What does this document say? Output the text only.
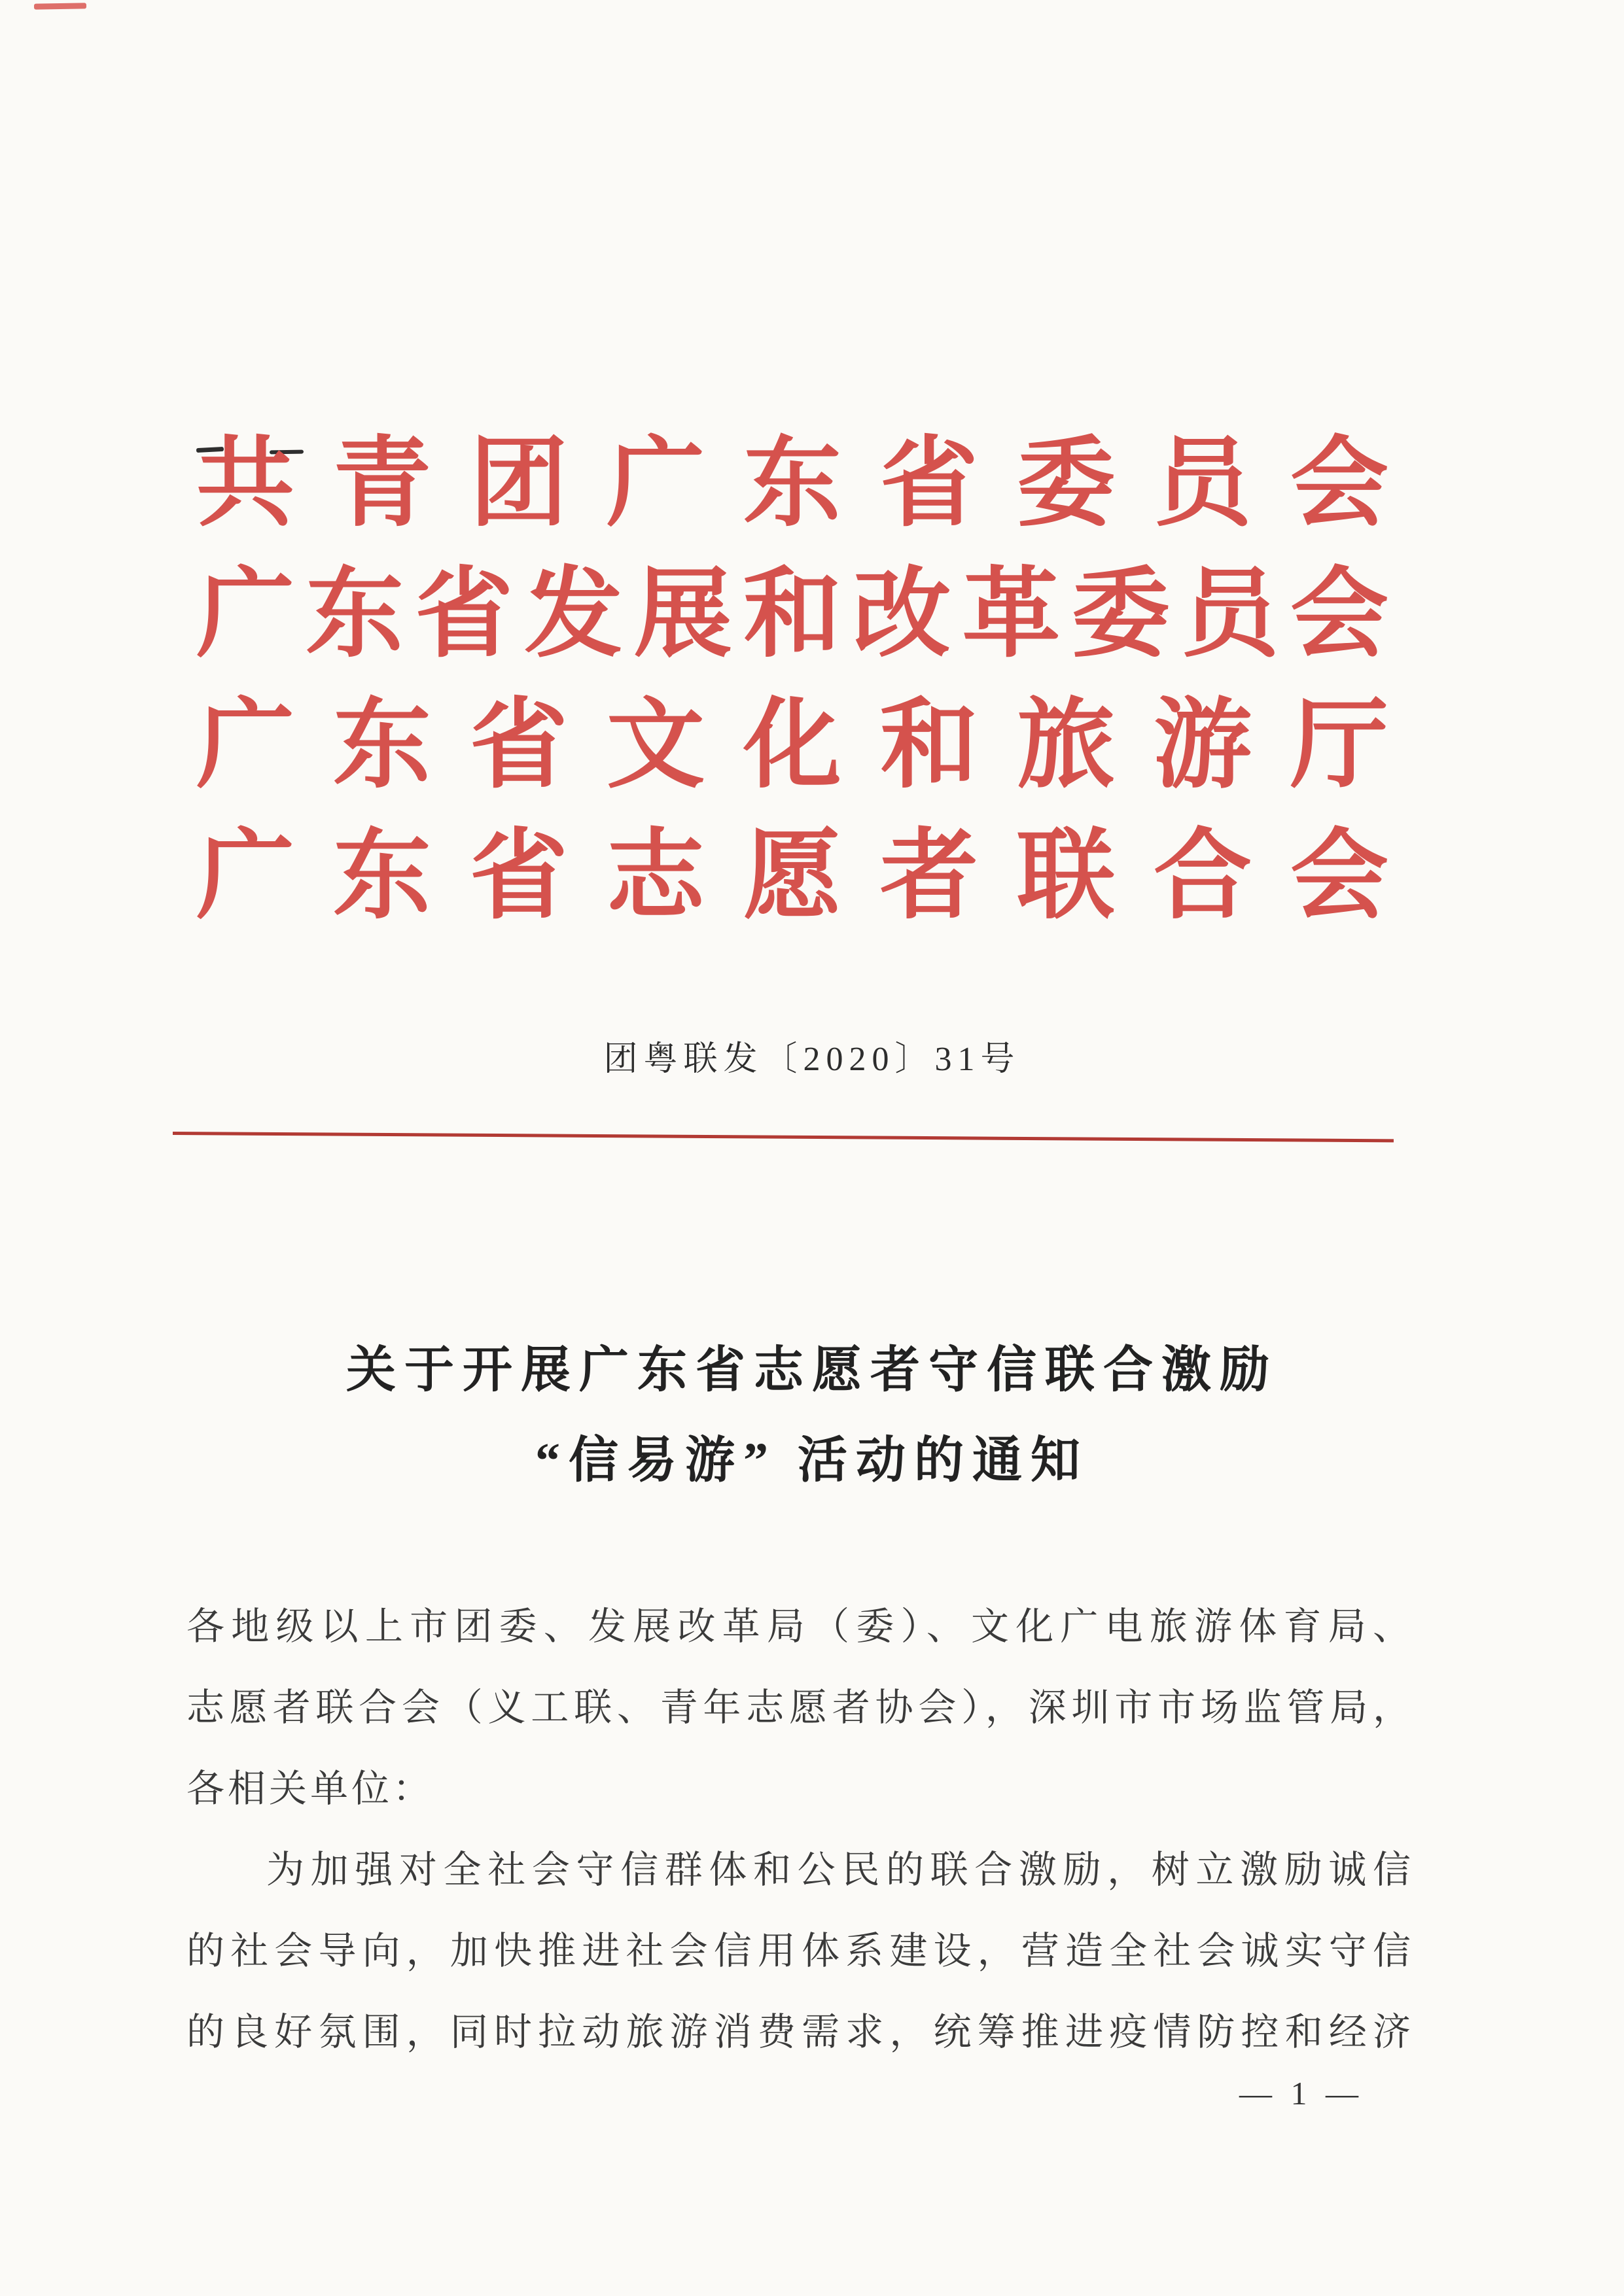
共青团广东省委员会
广东省发展和改革委员会
广东省文化和旅游厅
广东省志愿者联合会
团粤联发〔2020〕31号
关于开展广东省志愿者守信联合激励
“信易游” 活动的通知
各地级以上市团委、发展改革局（委）、文化广电旅游体育局、
志愿者联合会（义工联、青年志愿者协会），深圳市市场监管局，
各相关单位：
为加强对全社会守信群体和公民的联合激励，树立激励诚信
的社会导向，加快推进社会信用体系建设，营造全社会诚实守信
的良好氛围，同时拉动旅游消费需求，统筹推进疫情防控和经济
— 1 —
